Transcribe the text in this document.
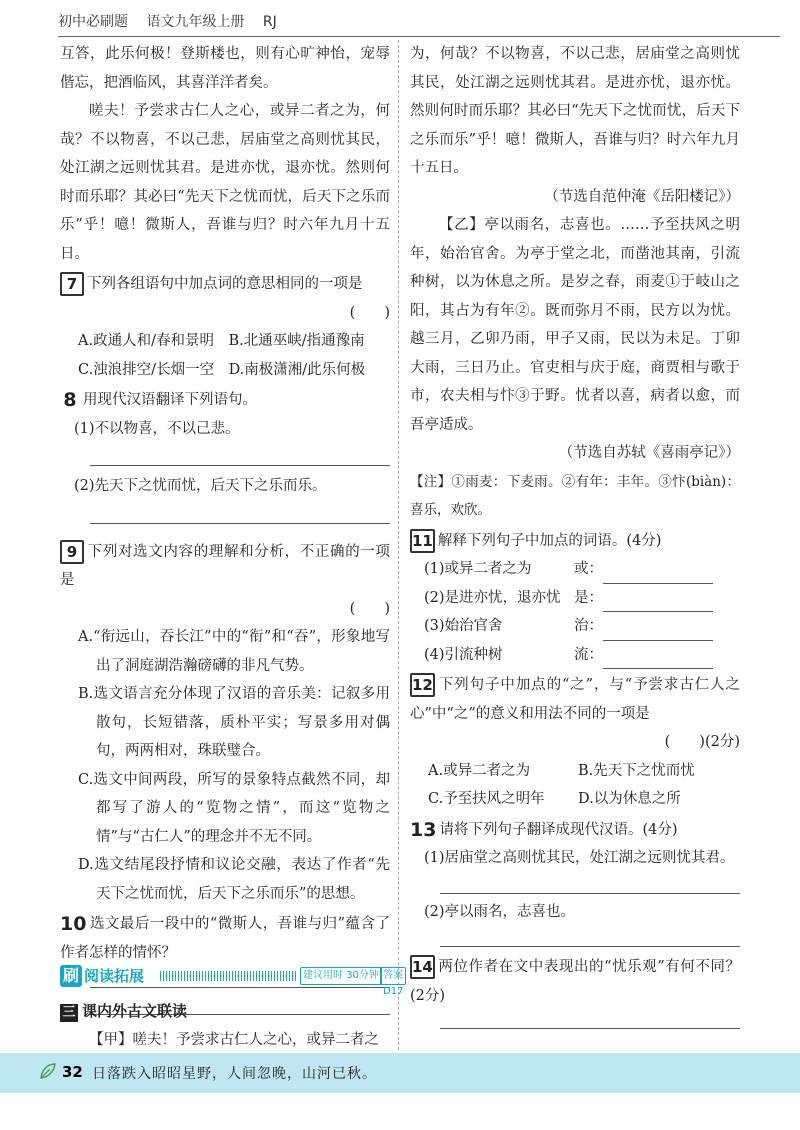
初中必刷题 语文九年级上册 RJ

互答，此乐何极！登斯楼也，则有心旷神怡，宠辱偕忘，把酒临风，其喜洋洋者矣。

嗟夫！予尝求古仁人之心，或异二者之为，何哉？不以物喜，不以己悲，居庙堂之高则忧其民，处江湖之远则忧其君。是进亦忧，退亦忧。然则何时而乐耶？其必曰“先天下之忧而忧，后天下之乐而乐”乎！噫！微斯人，吾谁与归？时六年九月十五日。

7 下列各组语句中加点词的意思相同的一项是

(　　)

A.政通人和/春和景明　 B.北通巫峡/指通豫南

C.浊浪排空/长烟一空　 D.南极潇湘/此乐何极

8 用现代汉语翻译下列语句。

(1)不以物喜，不以己悲。

(2)先天下之忧而忧，后天下之乐而乐。

9 下列对选文内容的理解和分析，不正确的一项是

(　　)

A.“衔远山，吞长江”中的“衔”和“吞”，形象地写出了洞庭湖浩瀚磅礴的非凡气势。

B.选文语言充分体现了汉语的音乐美：记叙多用散句，长短错落，质朴平实；写景多用对偶句，两两相对，珠联璧合。

C.选文中间两段，所写的景象特点截然不同，却都写了游人的“览物之情”，而这“览物之情”与“古仁人”的理念并不无不同。

D.选文结尾段抒情和议论交融，表达了作者“先天下之忧而忧，后天下之乐而乐”的思想。

10 选文最后一段中的“微斯人，吾谁与归”蕴含了作者怎样的情怀？

刷 阅读拓展	建议用时 30分钟 答案 D17
三 课内外古文联读

【甲】嗟夫！予尝求古仁人之心，或异二者之

为，何哉？不以物喜，不以己悲，居庙堂之高则忧其民，处江湖之远则忧其君。是进亦忧，退亦忧。然则何时而乐耶？其必曰“先天下之忧而忧，后天下之乐而乐”乎！噫！微斯人，吾谁与归？时六年九月十五日。

（节选自范仲淹《岳阳楼记》）

【乙】亭以雨名，志喜也。……予至扶风之明年，始治官舍。为亭于堂之北，而凿池其南，引流种树，以为休息之所。是岁之春，雨麦①于岐山之阳，其占为有年②。既而弥月不雨，民方以为忧。越三月，乙卯乃雨，甲子又雨，民以为未足。丁卯大雨，三日乃止。官吏相与庆于庭，商贾相与歌于市，农夫相与忭③于野。忧者以喜，病者以愈，而吾亭适成。

（节选自苏轼《喜雨亭记》）

【注】①雨麦：下麦雨。②有年：丰年。③忭(biàn)：喜乐，欢欣。

11 解释下列句子中加点的词语。(4分)

(1)或异二者之为	或：

(2)是进亦忧，退亦忧 是：

(3)始治官舍	治：

(4)引流种树	流：

12 下列句子中加点的“之”，与“予尝求古仁人之心”中“之”的意义和用法不同的一项是

(　　)(2分)

A.或异二者之为	B.先天下之忧而忧

C.予至扶风之明年 D.以为休息之所

13 请将下列句子翻译成现代汉语。(4分)

(1)居庙堂之高则忧其民，处江湖之远则忧其君。

(2)亭以雨名，志喜也。

14 两位作者在文中表现出的“忧乐观”有何不同？(2分)

32 日落跌入昭昭星野，人间忽晚，山河已秋。
